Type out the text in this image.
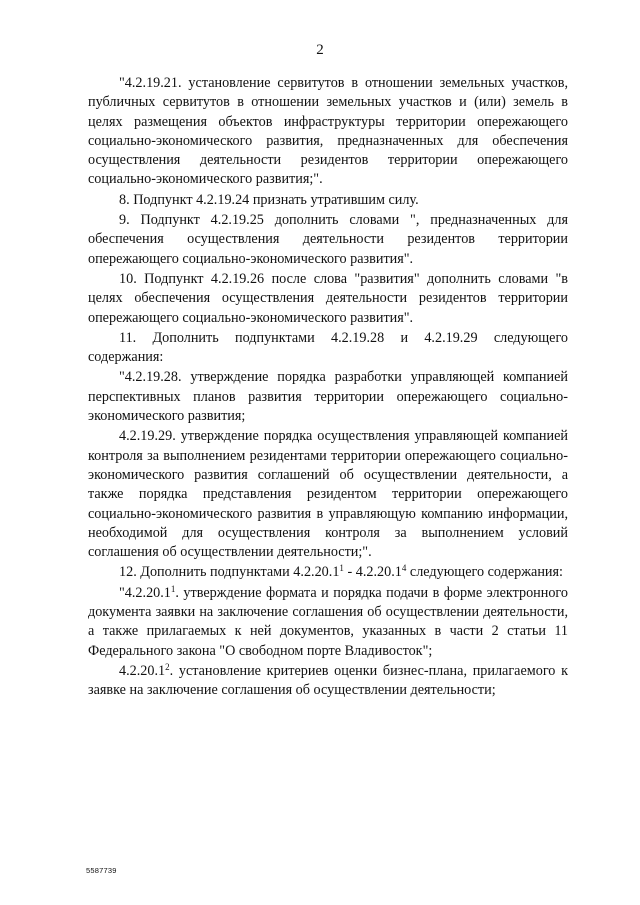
2

"4.2.19.21. установление сервитутов в отношении земельных участков, публичных сервитутов в отношении земельных участков и (или) земель в целях размещения объектов инфраструктуры территории опережающего социально-экономического развития, предназначенных для обеспечения осуществления деятельности резидентов территории опережающего социально-экономического развития;".

8. Подпункт 4.2.19.24 признать утратившим силу.

9. Подпункт 4.2.19.25 дополнить словами ", предназначенных для обеспечения осуществления деятельности резидентов территории опережающего социально-экономического развития".

10. Подпункт 4.2.19.26 после слова "развития" дополнить словами "в целях обеспечения осуществления деятельности резидентов территории опережающего социально-экономического развития".

11. Дополнить подпунктами 4.2.19.28 и 4.2.19.29 следующего содержания:

"4.2.19.28. утверждение порядка разработки управляющей компанией перспективных планов развития территории опережающего социально-экономического развития;

4.2.19.29. утверждение порядка осуществления управляющей компанией контроля за выполнением резидентами территории опережающего социально-экономического развития соглашений об осуществлении деятельности, а также порядка представления резидентом территории опережающего социально-экономического развития в управляющую компанию информации, необходимой для осуществления контроля за выполнением условий соглашения об осуществлении деятельности;".

12. Дополнить подпунктами 4.2.20.1$^1$ - 4.2.20.1$^4$ следующего содержания:

"4.2.20.1$^1$. утверждение формата и порядка подачи в форме электронного документа заявки на заключение соглашения об осуществлении деятельности, а также прилагаемых к ней документов, указанных в части 2 статьи 11 Федерального закона "О свободном порте Владивосток";

4.2.20.1$^2$. установление критериев оценки бизнес-плана, прилагаемого к заявке на заключение соглашения об осуществлении деятельности;

5587739
